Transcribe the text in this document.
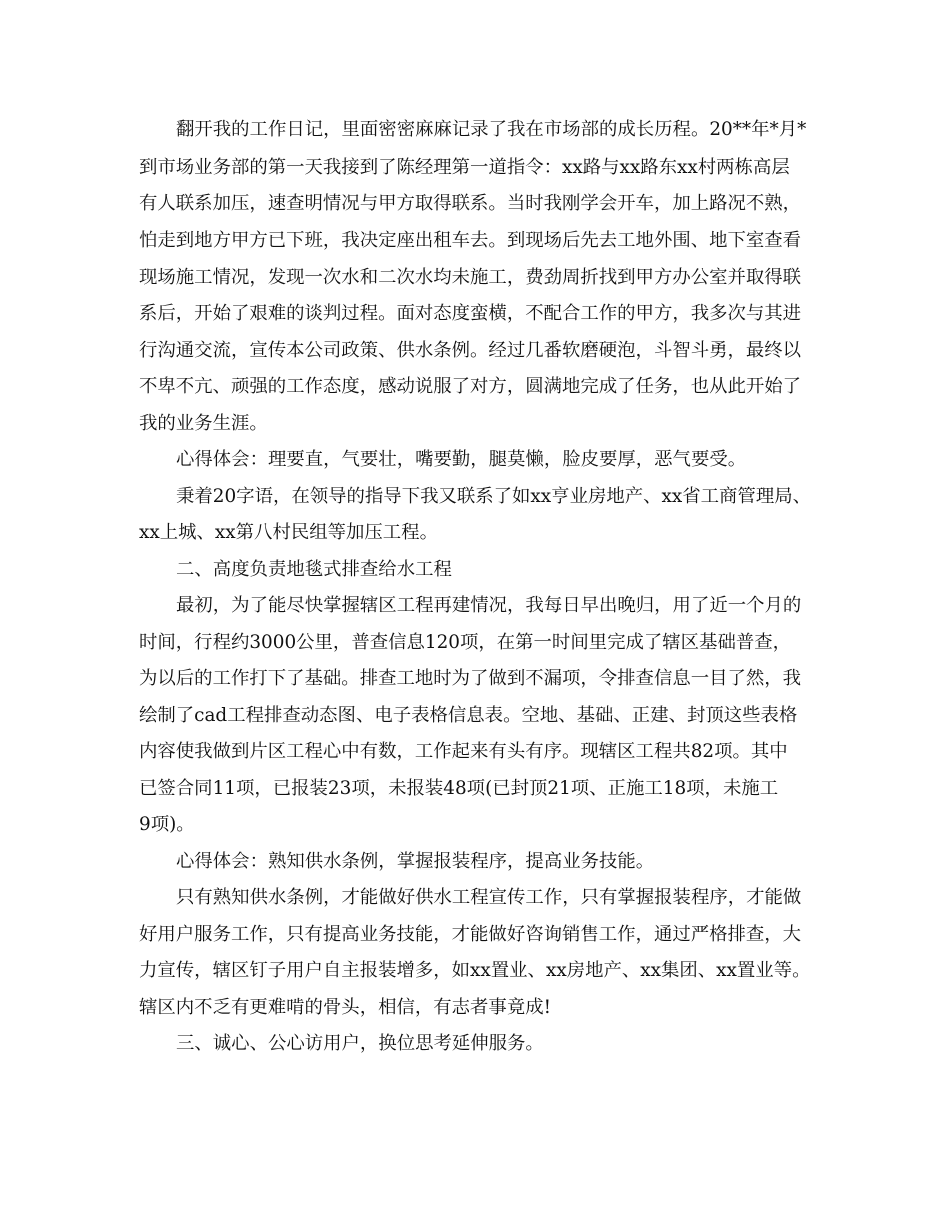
翻开我的工作日记，里面密密麻麻记录了我在市场部的成长历程。20**年*月*
到市场业务部的第一天我接到了陈经理第一道指令：xx路与xx路东xx村两栋高层
有人联系加压，速查明情况与甲方取得联系。当时我刚学会开车，加上路况不熟，
怕走到地方甲方已下班，我决定座出租车去。到现场后先去工地外围、地下室查看
现场施工情况，发现一次水和二次水均未施工，费劲周折找到甲方办公室并取得联
系后，开始了艰难的谈判过程。面对态度蛮横，不配合工作的甲方，我多次与其进
行沟通交流，宣传本公司政策、供水条例。经过几番软磨硬泡，斗智斗勇，最终以
不卑不亢、顽强的工作态度，感动说服了对方，圆满地完成了任务，也从此开始了
我的业务生涯。
心得体会：理要直，气要壮，嘴要勤，腿莫懒，脸皮要厚，恶气要受。
秉着20字语，在领导的指导下我又联系了如xx亨业房地产、xx省工商管理局、
xx上城、xx第八村民组等加压工程。
二、高度负责地毯式排查给水工程
最初，为了能尽快掌握辖区工程再建情况，我每日早出晚归，用了近一个月的
时间，行程约3000公里，普查信息120项，在第一时间里完成了辖区基础普查，
为以后的工作打下了基础。排查工地时为了做到不漏项，令排查信息一目了然，我
绘制了cad工程排查动态图、电子表格信息表。空地、基础、正建、封顶这些表格
内容使我做到片区工程心中有数，工作起来有头有序。现辖区工程共82项。其中
已签合同11项，已报装23项，未报装48项(已封顶21项、正施工18项，未施工
9项)。
心得体会：熟知供水条例，掌握报装程序，提高业务技能。
只有熟知供水条例，才能做好供水工程宣传工作，只有掌握报装程序，才能做
好用户服务工作，只有提高业务技能，才能做好咨询销售工作，通过严格排查，大
力宣传，辖区钉子用户自主报装增多，如xx置业、xx房地产、xx集团、xx置业等。
辖区内不乏有更难啃的骨头，相信，有志者事竟成!
三、诚心、公心访用户，换位思考延伸服务。
